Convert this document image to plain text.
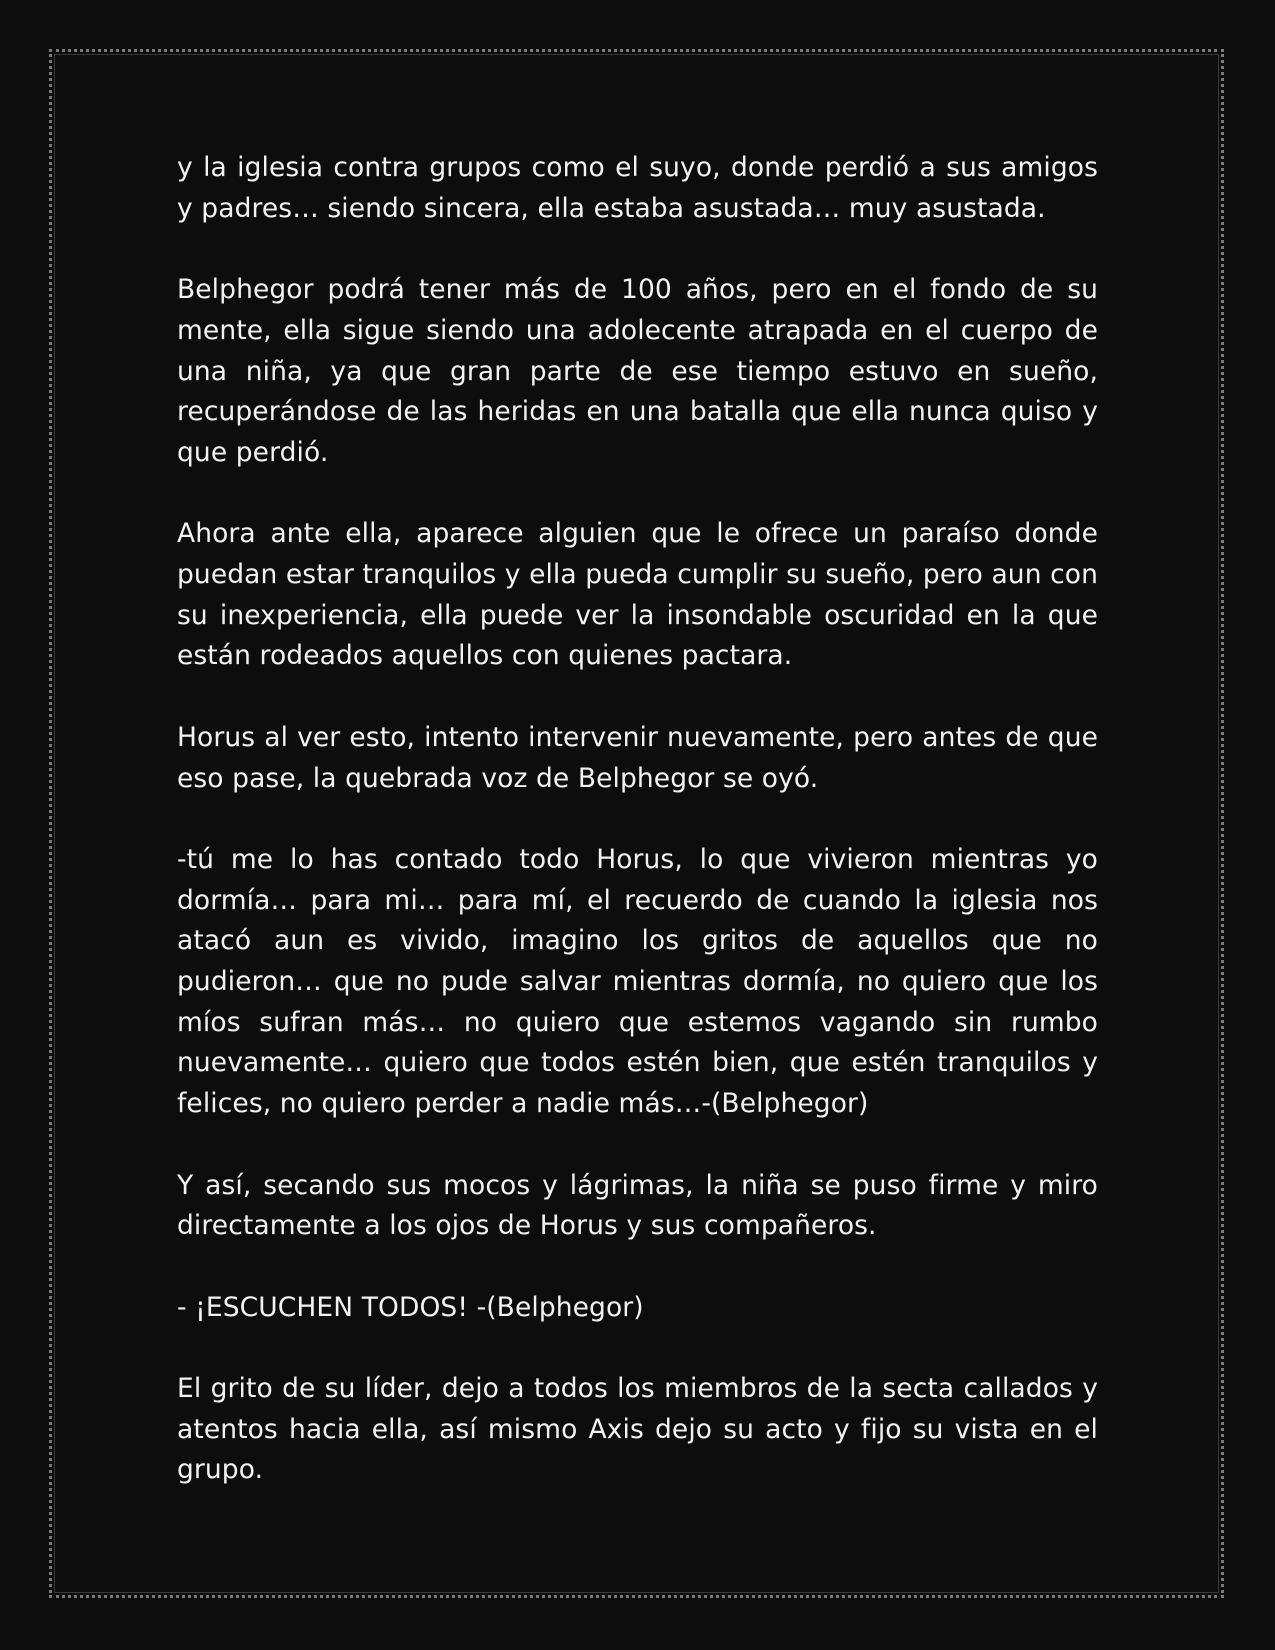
y la iglesia contra grupos como el suyo, donde perdió a sus amigos y padres… siendo sincera, ella estaba asustada… muy asustada.

Belphegor podrá tener más de 100 años, pero en el fondo de su mente, ella sigue siendo una adolecente atrapada en el cuerpo de una niña, ya que gran parte de ese tiempo estuvo en sueño, recuperándose de las heridas en una batalla que ella nunca quiso y que perdió.

Ahora ante ella, aparece alguien que le ofrece un paraíso donde puedan estar tranquilos y ella pueda cumplir su sueño, pero aun con su inexperiencia, ella puede ver la insondable oscuridad en la que están rodeados aquellos con quienes pactara.

Horus al ver esto, intento intervenir nuevamente, pero antes de que eso pase, la quebrada voz de Belphegor se oyó.

-tú me lo has contado todo Horus, lo que vivieron mientras yo dormía… para mi… para mí, el recuerdo de cuando la iglesia nos atacó aun es vivido, imagino los gritos de aquellos que no pudieron… que no pude salvar mientras dormía, no quiero que los míos sufran más… no quiero que estemos vagando sin rumbo nuevamente… quiero que todos estén bien, que estén tranquilos y felices, no quiero perder a nadie más…-(Belphegor)

Y así, secando sus mocos y lágrimas, la niña se puso firme y miro directamente a los ojos de Horus y sus compañeros.

- ¡ESCUCHEN TODOS! -(Belphegor)

El grito de su líder, dejo a todos los miembros de la secta callados y atentos hacia ella, así mismo Axis dejo su acto y fijo su vista en el grupo.
